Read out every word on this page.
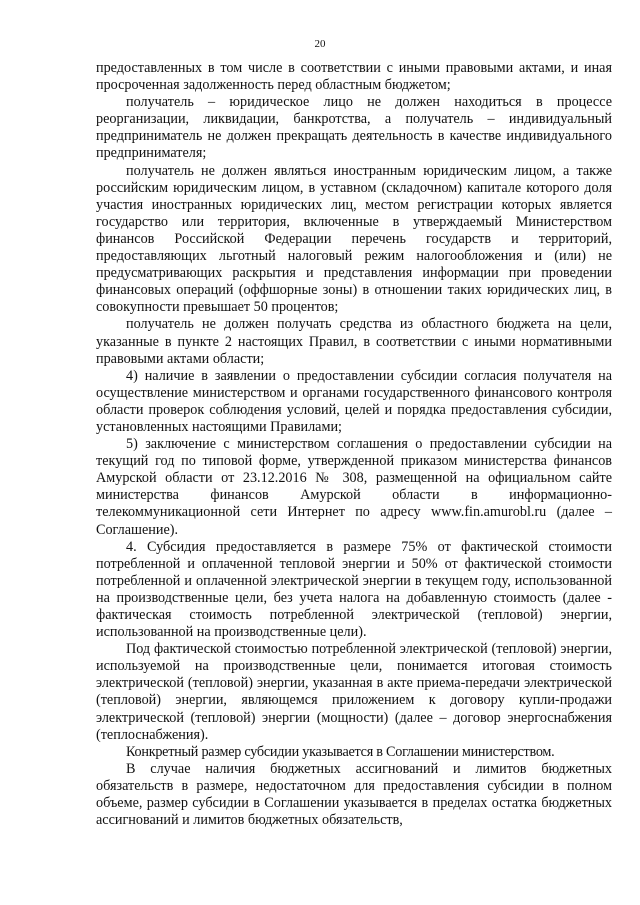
20

предоставленных в том числе в соответствии с иными правовыми актами, и иная просроченная задолженность перед областным бюджетом;

получатель – юридическое лицо не должен находиться в процессе реорганизации, ликвидации, банкротства, а получатель – индивидуальный предприниматель не должен прекращать деятельность в качестве индивидуального предпринимателя;

получатель не должен являться иностранным юридическим лицом, а также российским юридическим лицом, в уставном (складочном) капитале которого доля участия иностранных юридических лиц, местом регистрации которых является государство или территория, включенные в утверждаемый Министерством финансов Российской Федерации перечень государств и территорий, предоставляющих льготный налоговый режим налогообложения и (или) не предусматривающих раскрытия и представления информации при проведении финансовых операций (оффшорные зоны) в отношении таких юридических лиц, в совокупности превышает 50 процентов;

получатель не должен получать средства из областного бюджета на цели, указанные в пункте 2 настоящих Правил, в соответствии с иными нормативными правовыми актами области;

4) наличие в заявлении о предоставлении субсидии согласия получателя на осуществление министерством и органами государственного финансового контроля области проверок соблюдения условий, целей и порядка предоставления субсидии, установленных настоящими Правилами;

5) заключение с министерством соглашения о предоставлении субсидии на текущий год по типовой форме, утвержденной приказом министерства финансов Амурской области от 23.12.2016 № 308, размещенной на официальном сайте министерства финансов Амурской области в информационно-телекоммуникационной сети Интернет по адресу www.fin.amurobl.ru (далее – Соглашение).

4. Субсидия предоставляется в размере 75% от фактической стоимости потребленной и оплаченной тепловой энергии и 50% от фактической стоимости потребленной и оплаченной электрической энергии в текущем году, использованной на производственные цели, без учета налога на добавленную стоимость (далее - фактическая стоимость потребленной электрической (тепловой) энергии, использованной на производственные цели).

Под фактической стоимостью потребленной электрической (тепловой) энергии, используемой на производственные цели, понимается итоговая стоимость электрической (тепловой) энергии, указанная в акте приема-передачи электрической (тепловой) энергии, являющемся приложением к договору купли-продажи электрической (тепловой) энергии (мощности) (далее – договор энергоснабжения (теплоснабжения).

Конкретный размер субсидии указывается в Соглашении министерством.

В случае наличия бюджетных ассигнований и лимитов бюджетных обязательств в размере, недостаточном для предоставления субсидии в полном объеме, размер субсидии в Соглашении указывается в пределах остатка бюджетных ассигнований и лимитов бюджетных обязательств,
